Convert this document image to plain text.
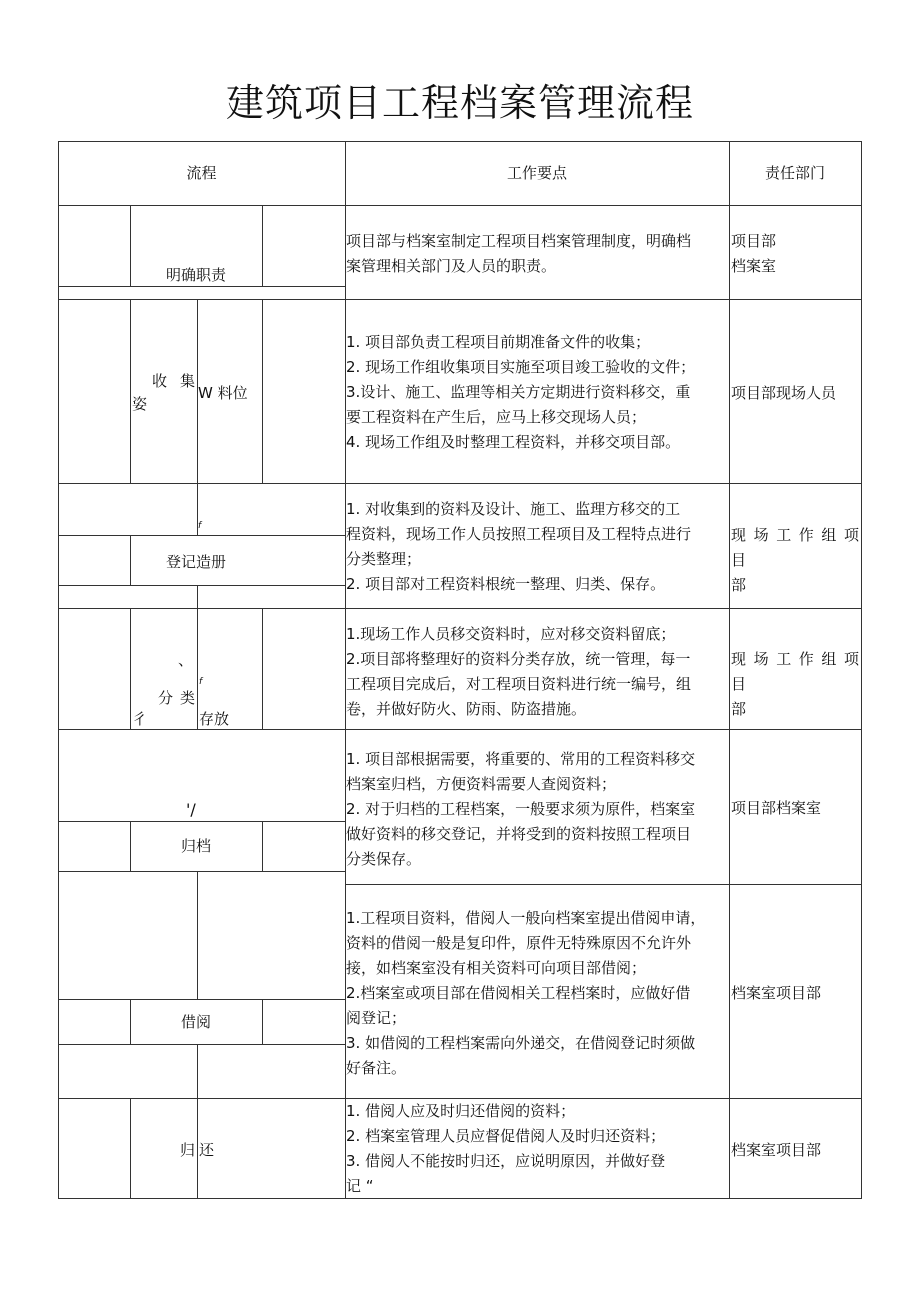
建筑项目工程档案管理流程
流程	工作要点	责任部门
明确职责
项目部与档案室制定工程项目档案管理制度，明确档
案管理相关部门及人员的职责。
项目部
档案室
收 集
姿
W 料位
1. 项目部负责工程项目前期准备文件的收集；
2. 现场工作组收集项目实施至项目竣工验收的文件；
3.设计、施工、监理等相关方定期进行资料移交，重
要工程资料在产生后，应马上移交现场人员；
4. 现场工作组及时整理工程资料，并移交项目部。
项目部现场人员
f
登记造册
1. 对收集到的资料及设计、施工、监理方移交的工
程资料，现场工作人员按照工程项目及工程特点进行
分类整理；
2. 项目部对工程资料根统一整理、归类、保存。
现 场 工 作 组 项 目
部
、
分 类
彳
f
存放
1.现场工作人员移交资料时，应对移交资料留底；
2.项目部将整理好的资料分类存放，统一管理，每一
工程项目完成后，对工程项目资料进行统一编号，组
卷，并做好防火、防雨、防盗措施。
现 场 工 作 组 项 目
部
'/
归档
1. 项目部根据需要，将重要的、常用的工程资料移交
档案室归档，方便资料需要人查阅资料；
2. 对于归档的工程档案，一般要求须为原件，档案室
做好资料的移交登记，并将受到的资料按照工程项目
分类保存。
项目部档案室
借阅
1.工程项目资料，借阅人一般向档案室提出借阅申请，
资料的借阅一般是复印件，原件无特殊原因不允许外
接，如档案室没有相关资料可向项目部借阅；
2.档案室或项目部在借阅相关工程档案时，应做好借
阅登记；
3. 如借阅的工程档案需向外递交，在借阅登记时须做
好备注。
档案室项目部
归 还
1. 借阅人应及时归还借阅的资料；
2. 档案室管理人员应督促借阅人及时归还资料；
3. 借阅人不能按时归还，应说明原因，并做好登
记 “
档案室项目部
